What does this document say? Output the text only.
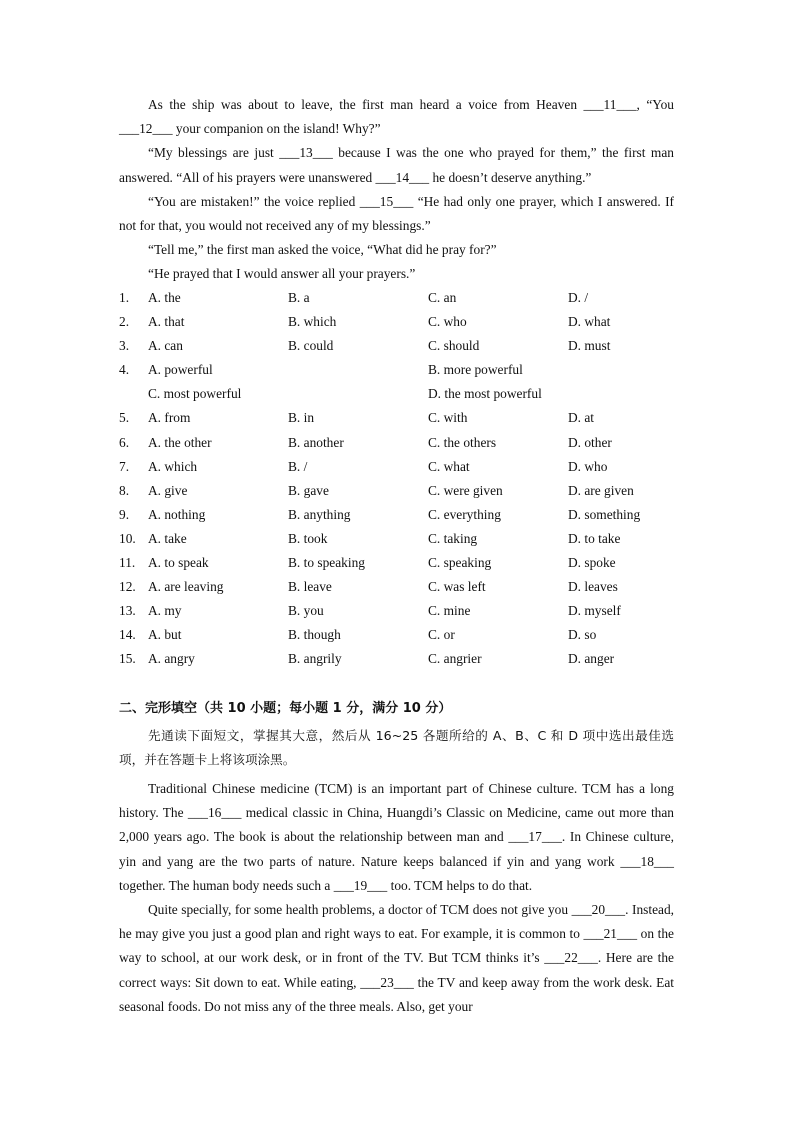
As the ship was about to leave, the first man heard a voice from Heaven ___11___, “You ___12___ your companion on the island! Why?”

“My blessings are just ___13___ because I was the one who prayed for them,” the first man answered. “All of his prayers were unanswered ___14___ he doesn’t deserve anything.”

“You are mistaken!” the voice replied ___15___ “He had only one prayer, which I answered. If not for that, you would not received any of my blessings.”

“Tell me,” the first man asked the voice, “What did he pray for?”

“He prayed that I would answer all your prayers.”

1. A. the	B. a	C. an	D. /
2. A. that	B. which	C. who	D. what
3. A. can	B. could	C. should	D. must
4. A. powerful	B. more powerful
C. most powerful	D. the most powerful
5. A. from	B. in	C. with	D. at
6. A. the other	B. another	C. the others	D. other
7. A. which	B. /	C. what	D. who
8. A. give	B. gave	C. were given	D. are given
9. A. nothing	B. anything	C. everything	D. something
10. A. take	B. took	C. taking	D. to take
11. A. to speak	B. to speaking	C. speaking	D. spoke
12. A. are leaving	B. leave	C. was left	D. leaves
13. A. my	B. you	C. mine	D. myself
14. A. but	B. though	C. or	D. so
15. A. angry	B. angrily	C. angrier	D. anger
二、完形填空（共 10 小题；每小题 1 分，满分 10 分）

先通读下面短文，掌握其大意，然后从 16~25 各题所给的 A、B、C 和 D 项中选出最佳选项，并在答题卡上将该项涂黑。

Traditional Chinese medicine (TCM) is an important part of Chinese culture. TCM has a long history. The ___16___ medical classic in China, Huangdi’s Classic on Medicine, came out more than 2,000 years ago. The book is about the relationship between man and ___17___. In Chinese culture, yin and yang are the two parts of nature. Nature keeps balanced if yin and yang work ___18___ together. The human body needs such a ___19___ too. TCM helps to do that.

Quite specially, for some health problems, a doctor of TCM does not give you ___20___. Instead, he may give you just a good plan and right ways to eat. For example, it is common to ___21___ on the way to school, at our work desk, or in front of the TV. But TCM thinks it’s ___22___. Here are the correct ways: Sit down to eat. While eating, ___23___ the TV and keep away from the work desk. Eat seasonal foods. Do not miss any of the three meals. Also, get your
